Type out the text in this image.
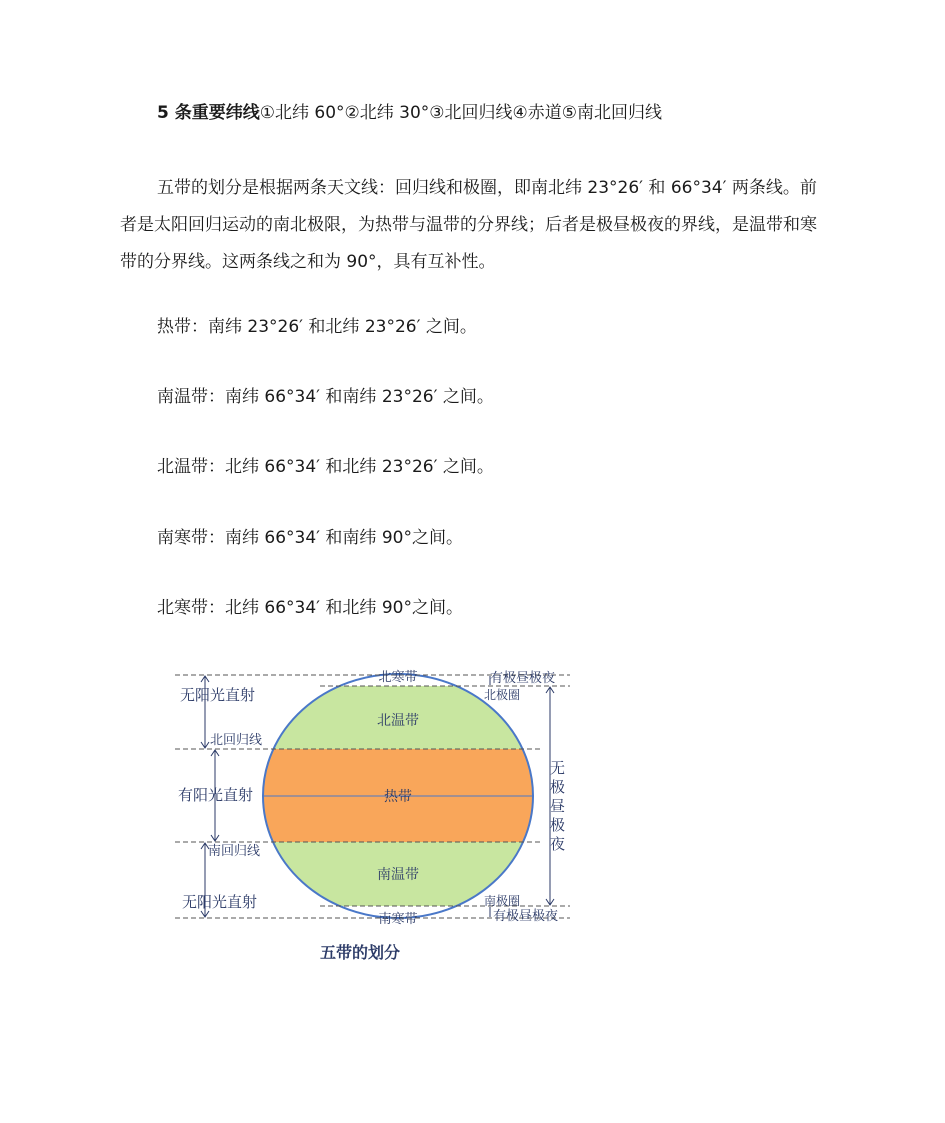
5 条重要纬线①北纬 60°②北纬 30°③北回归线④赤道⑤南北回归线

五带的划分是根据两条天文线：回归线和极圈，即南北纬 23°26′ 和 66°34′ 两条线。前者是太阳回归运动的南北极限，为热带与温带的分界线；后者是极昼极夜的界线，是温带和寒带的分界线。这两条线之和为 90°，具有互补性。

热带：南纬 23°26′ 和北纬 23°26′ 之间。

南温带：南纬 66°34′ 和南纬 23°26′ 之间。

北温带：北纬 66°34′ 和北纬 23°26′ 之间。

南寒带：南纬 66°34′ 和南纬 90°之间。

北寒带：北纬 66°34′ 和北纬 90°之间。

北寒带
北温带
热带
南温带
南寒带
无阳光直射
北回归线
有阳光直射
南回归线
无阳光直射
有极昼极夜
北极圈
无极昼极夜
南极圈
有极昼极夜
五带的划分
